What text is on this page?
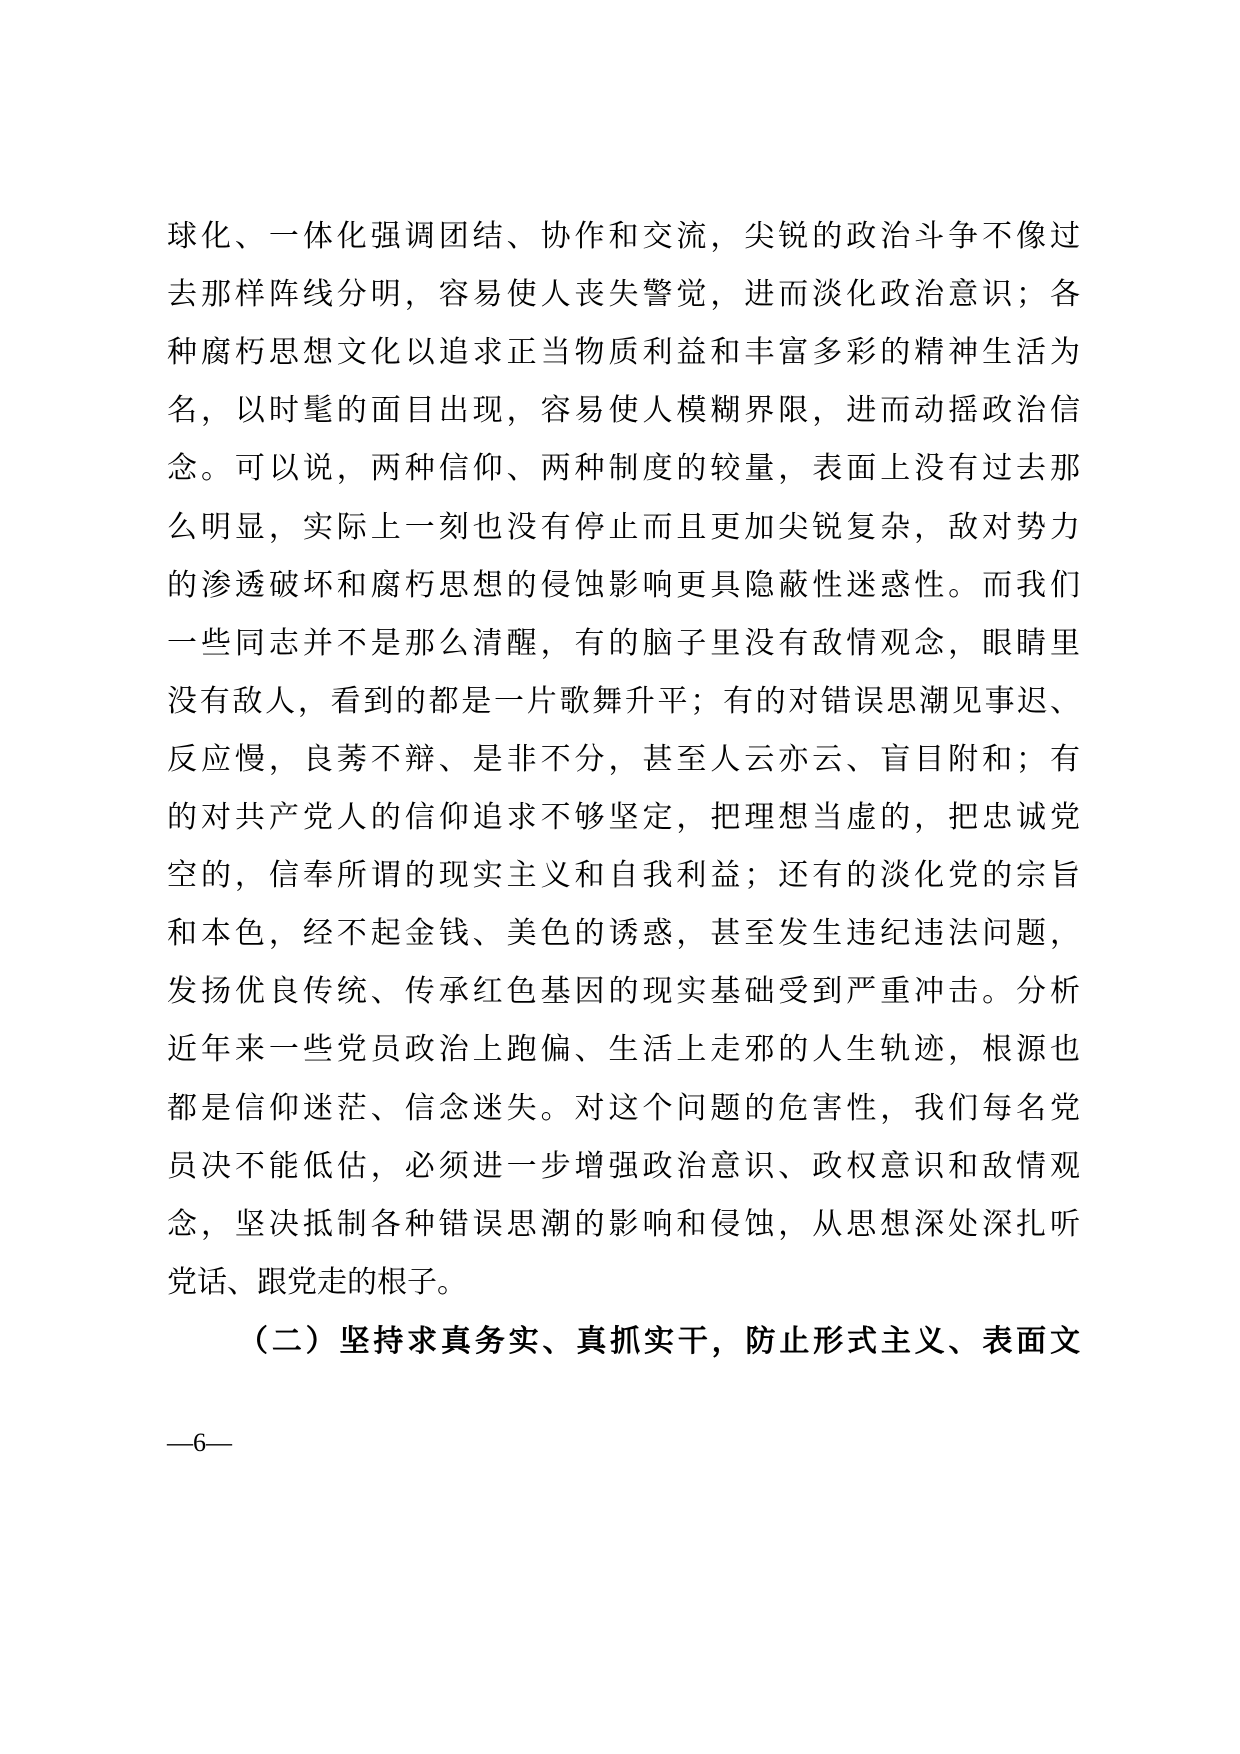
球化、一体化强调团结、协作和交流，尖锐的政治斗争不像过
去那样阵线分明，容易使人丧失警觉，进而淡化政治意识；各
种腐朽思想文化以追求正当物质利益和丰富多彩的精神生活为
名，以时髦的面目出现，容易使人模糊界限，进而动摇政治信
念。可以说，两种信仰、两种制度的较量，表面上没有过去那
么明显，实际上一刻也没有停止而且更加尖锐复杂，敌对势力
的渗透破坏和腐朽思想的侵蚀影响更具隐蔽性迷惑性。而我们
一些同志并不是那么清醒，有的脑子里没有敌情观念，眼睛里
没有敌人，看到的都是一片歌舞升平；有的对错误思潮见事迟、
反应慢，良莠不辩、是非不分，甚至人云亦云、盲目附和；有
的对共产党人的信仰追求不够坚定，把理想当虚的，把忠诚党
空的，信奉所谓的现实主义和自我利益；还有的淡化党的宗旨
和本色，经不起金钱、美色的诱惑，甚至发生违纪违法问题，
发扬优良传统、传承红色基因的现实基础受到严重冲击。分析
近年来一些党员政治上跑偏、生活上走邪的人生轨迹，根源也
都是信仰迷茫、信念迷失。对这个问题的危害性，我们每名党
员决不能低估，必须进一步增强政治意识、政权意识和敌情观
念，坚决抵制各种错误思潮的影响和侵蚀，从思想深处深扎听
党话、跟党走的根子。
（二）坚持求真务实、真抓实干，防止形式主义、表面文
—6—
